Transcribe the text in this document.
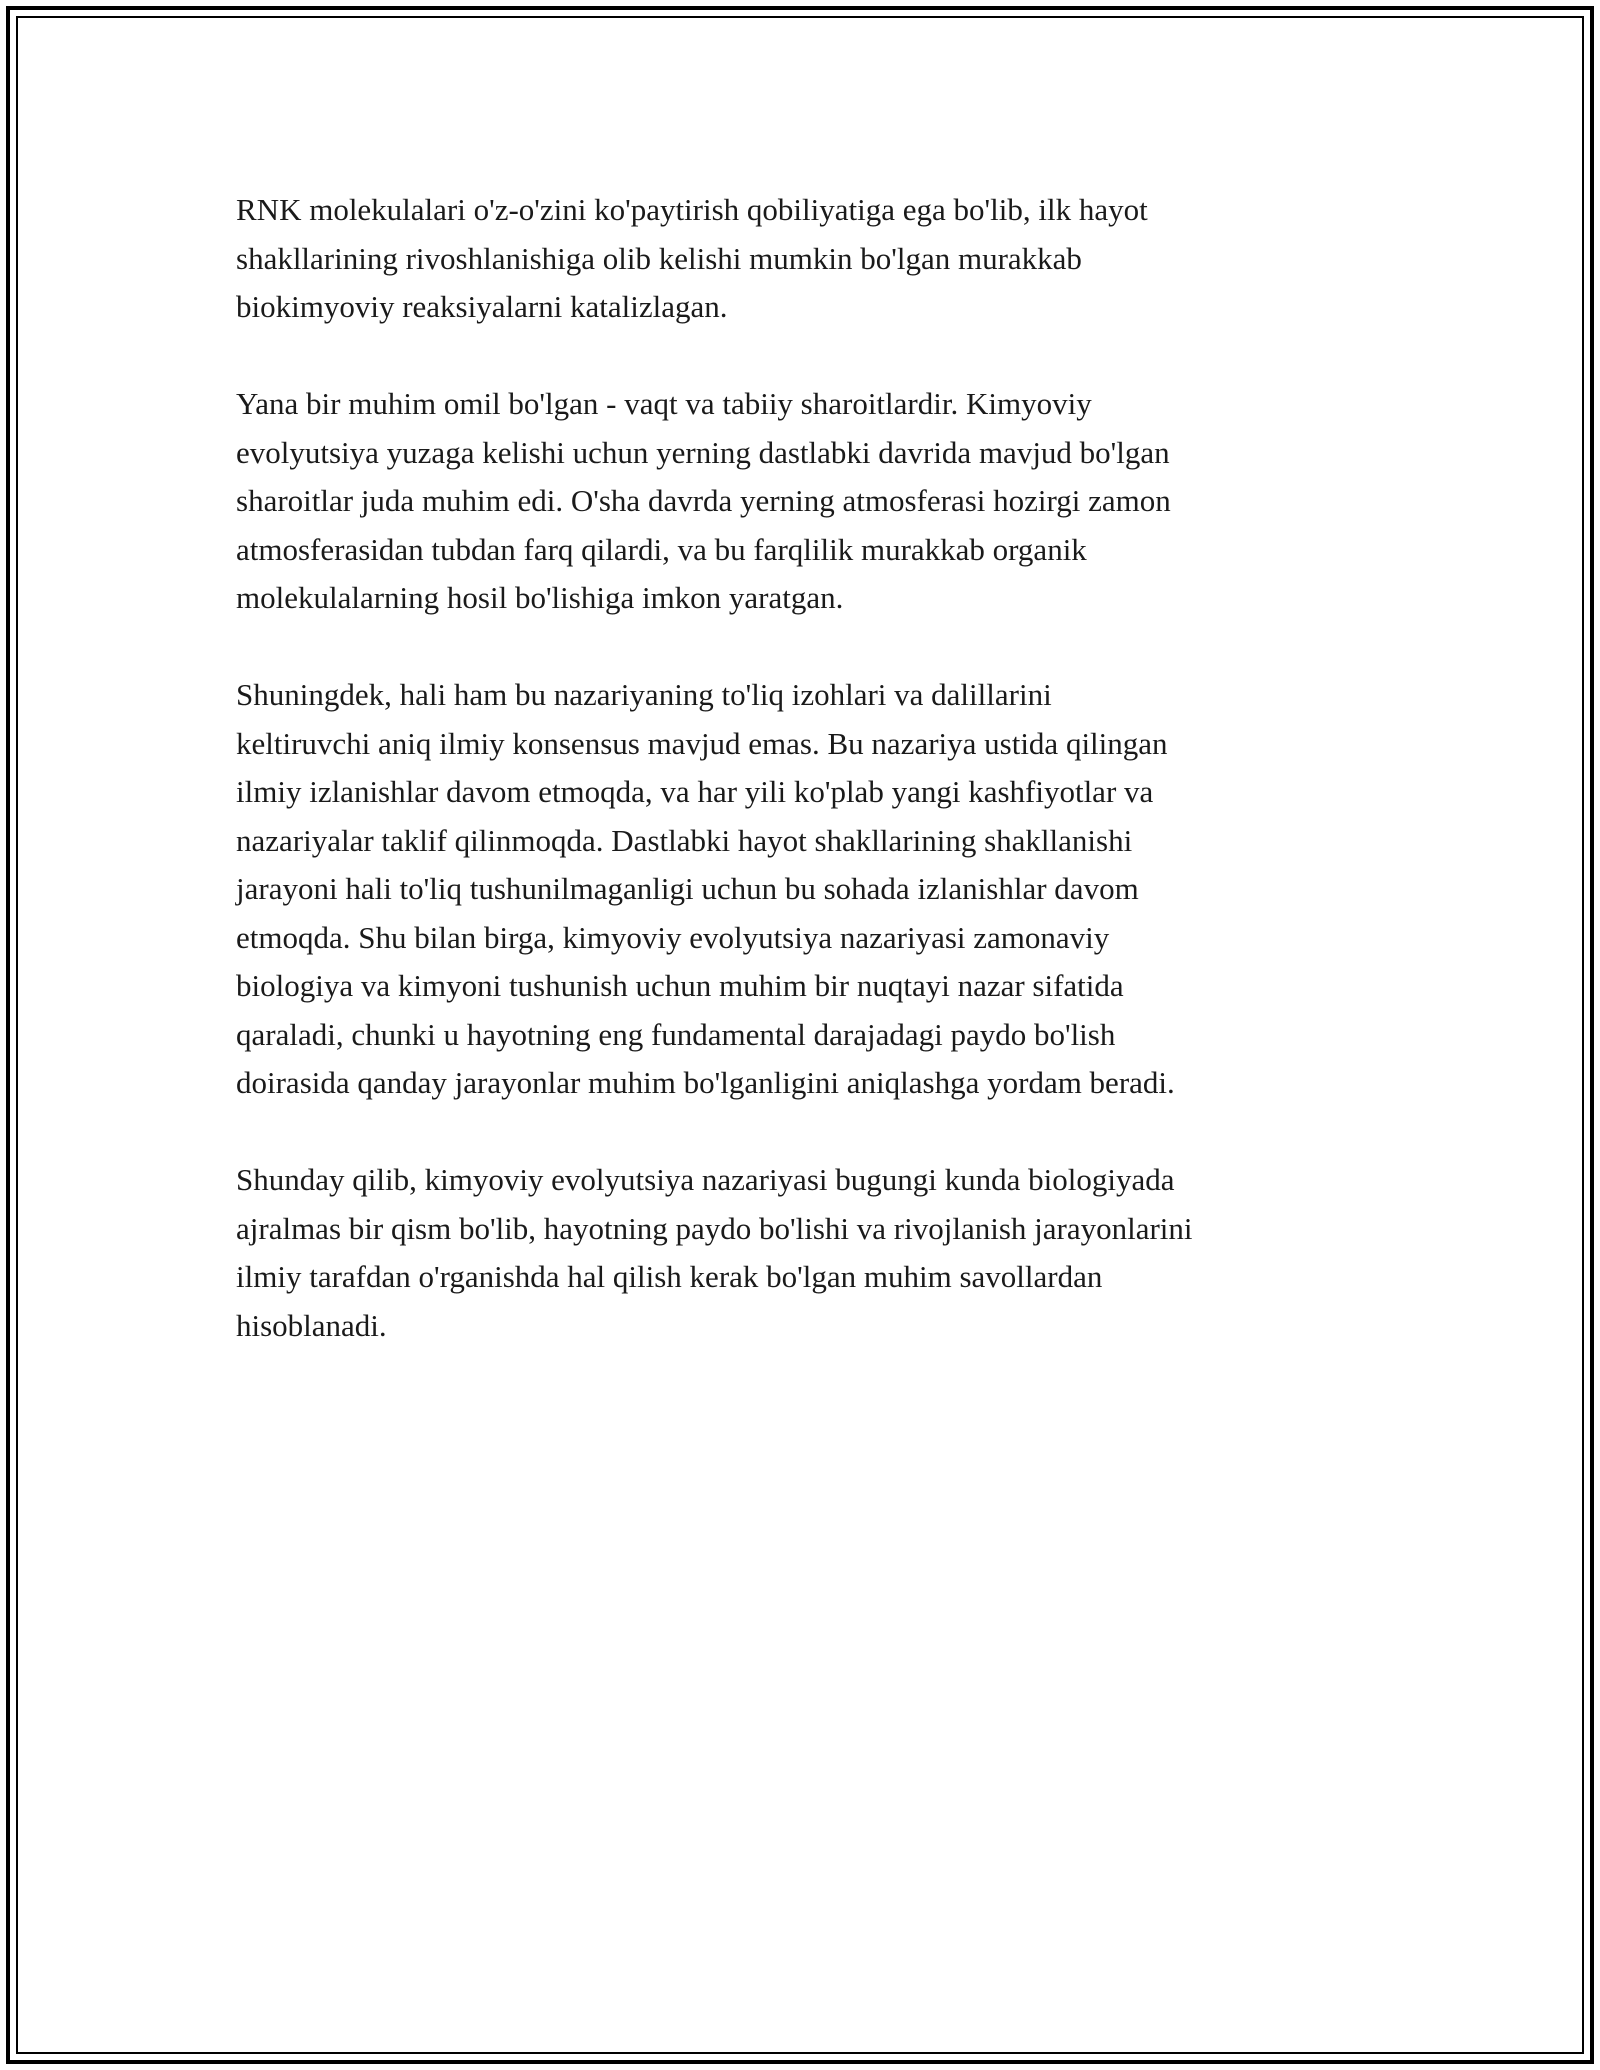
RNK molekulalari o'z-o'zini ko'paytirish qobiliyatiga ega bo'lib, ilk hayot
shakllarining rivoshlanishiga olib kelishi mumkin bo'lgan murakkab
biokimyoviy reaksiyalarni katalizlagan.

Yana bir muhim omil bo'lgan - vaqt va tabiiy sharoitlardir. Kimyoviy
evolyutsiya yuzaga kelishi uchun yerning dastlabki davrida mavjud bo'lgan
sharoitlar juda muhim edi. O'sha davrda yerning atmosferasi hozirgi zamon
atmosferasidan tubdan farq qilardi, va bu farqlilik murakkab organik
molekulalarning hosil bo'lishiga imkon yaratgan.

Shuningdek, hali ham bu nazariyaning to'liq izohlari va dalillarini
keltiruvchi aniq ilmiy konsensus mavjud emas. Bu nazariya ustida qilingan
ilmiy izlanishlar davom etmoqda, va har yili ko'plab yangi kashfiyotlar va
nazariyalar taklif qilinmoqda. Dastlabki hayot shakllarining shakllanishi
jarayoni hali to'liq tushunilmaganligi uchun bu sohada izlanishlar davom
etmoqda. Shu bilan birga, kimyoviy evolyutsiya nazariyasi zamonaviy
biologiya va kimyoni tushunish uchun muhim bir nuqtayi nazar sifatida
qaraladi, chunki u hayotning eng fundamental darajadagi paydo bo'lish
doirasida qanday jarayonlar muhim bo'lganligini aniqlashga yordam beradi.

Shunday qilib, kimyoviy evolyutsiya nazariyasi bugungi kunda biologiyada
ajralmas bir qism bo'lib, hayotning paydo bo'lishi va rivojlanish jarayonlarini
ilmiy tarafdan o'rganishda hal qilish kerak bo'lgan muhim savollardan
hisoblanadi.
